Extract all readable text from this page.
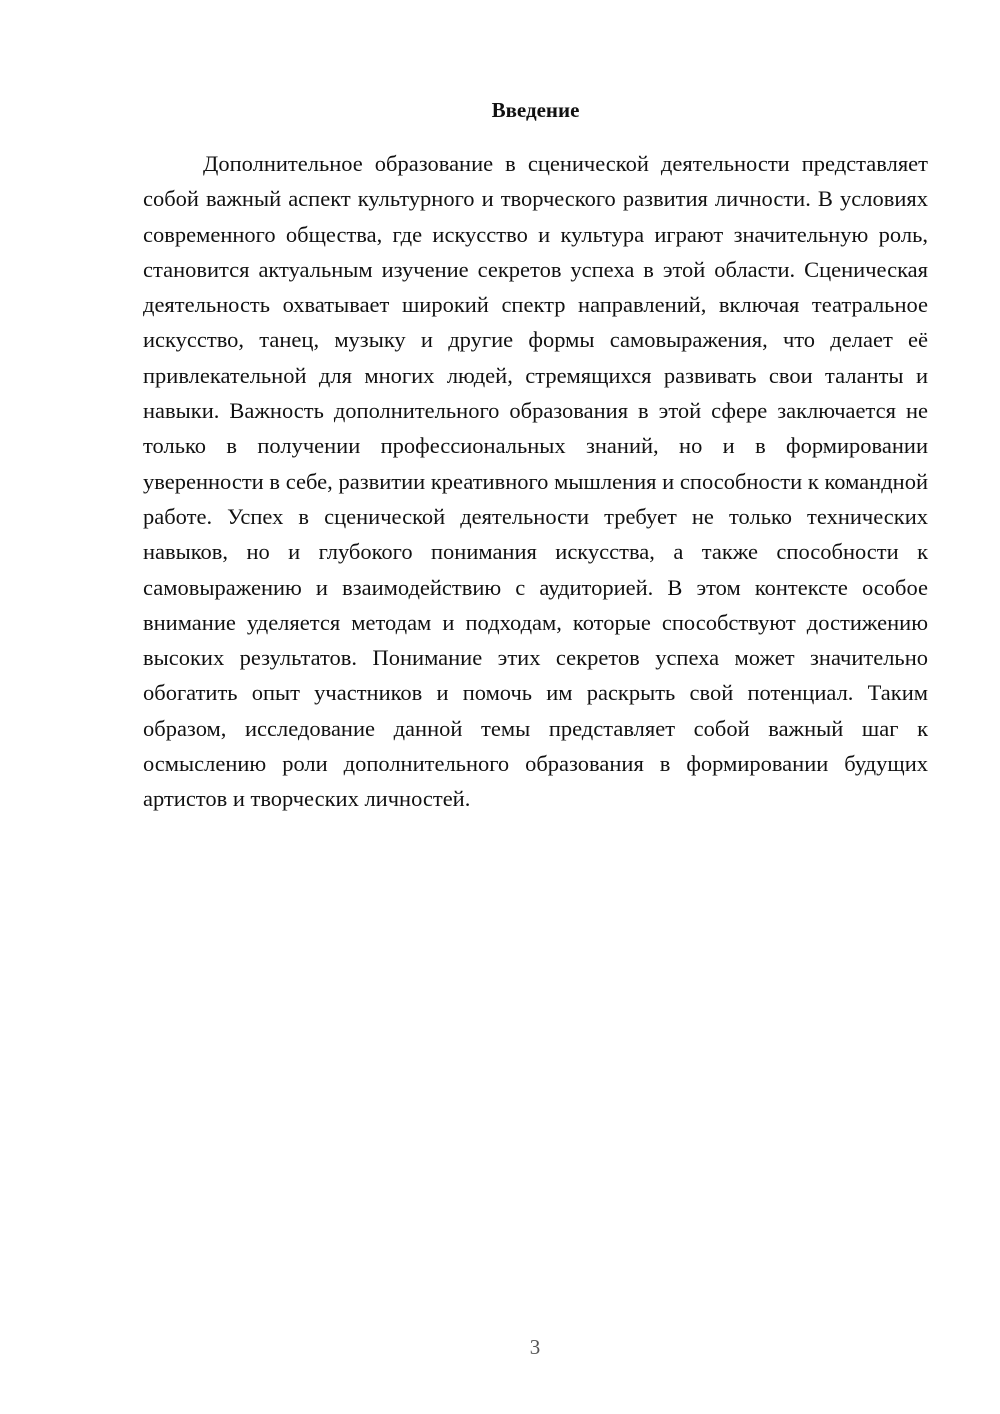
Введение

Дополнительное образование в сценической деятельности представляет собой важный аспект культурного и творческого развития личности. В условиях современного общества, где искусство и культура играют значительную роль, становится актуальным изучение секретов успеха в этой области. Сценическая деятельность охватывает широкий спектр направлений, включая театральное искусство, танец, музыку и другие формы самовыражения, что делает её привлекательной для многих людей, стремящихся развивать свои таланты и навыки. Важность дополнительного образования в этой сфере заключается не только в получении профессиональных знаний, но и в формировании уверенности в себе, развитии креативного мышления и способности к командной работе. Успех в сценической деятельности требует не только технических навыков, но и глубокого понимания искусства, а также способности к самовыражению и взаимодействию с аудиторией. В этом контексте особое внимание уделяется методам и подходам, которые способствуют достижению высоких результатов. Понимание этих секретов успеха может значительно обогатить опыт участников и помочь им раскрыть свой потенциал. Таким образом, исследование данной темы представляет собой важный шаг к осмыслению роли дополнительного образования в формировании будущих артистов и творческих личностей.

3
